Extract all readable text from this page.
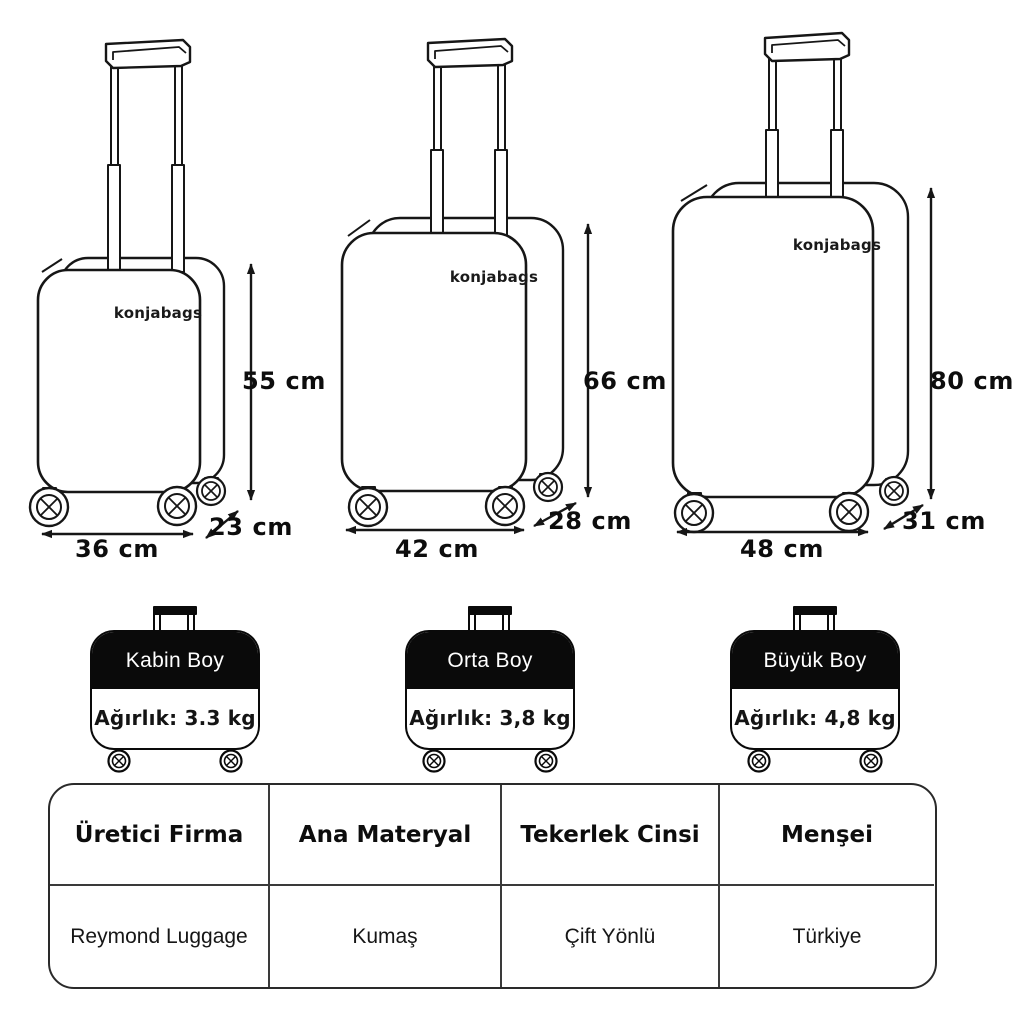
konjabags
konjabags
konjabags
55 cm
36 cm
23 cm
66 cm
42 cm
28 cm
80 cm
48 cm
31 cm
Kabin Boy
Ağırlık: 3.3 kg
Orta Boy
Ağırlık: 3,8 kg
Büyük Boy
Ağırlık: 4,8 kg
Üretici Firma	Ana Materyal	Tekerlek Cinsi	Menşei
Reymond Luggage	Kumaş	Çift Yönlü	Türkiye
